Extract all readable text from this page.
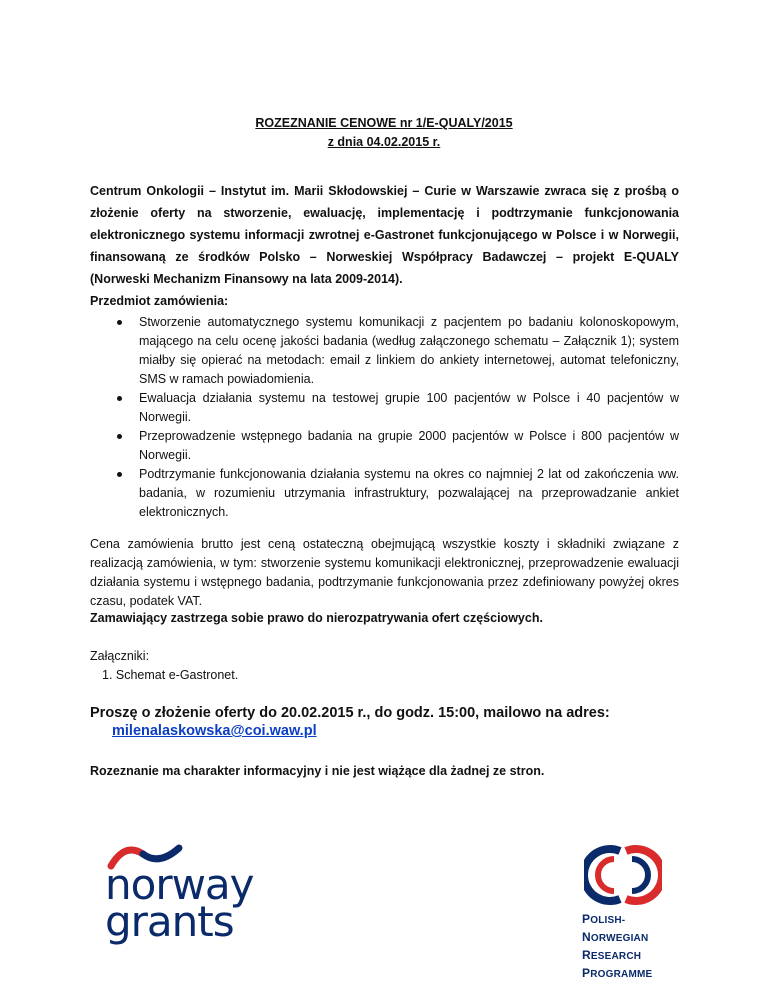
ROZEZNANIE CENOWE nr 1/E-QUALY/2015
z dnia 04.02.2015 r.

Centrum Onkologii – Instytut im. Marii Skłodowskiej – Curie w Warszawie zwraca się z prośbą o złożenie oferty na stworzenie, ewaluację, implementację i podtrzymanie funkcjonowania elektronicznego systemu informacji zwrotnej e-Gastronet funkcjonującego w Polsce i w Norwegii, finansowaną ze środków Polsko – Norweskiej Współpracy Badawczej – projekt E-QUALY (Norweski Mechanizm Finansowy na lata 2009-2014).

Przedmiot zamówienia:
Stworzenie automatycznego systemu komunikacji z pacjentem po badaniu kolonoskopowym, mającego na celu ocenę jakości badania (według załączonego schematu – Załącznik 1); system miałby się opierać na metodach: email z linkiem do ankiety internetowej, automat telefoniczny, SMS w ramach powiadomienia.
Ewaluacja działania systemu na testowej grupie 100 pacjentów w Polsce i 40 pacjentów w Norwegii.
Przeprowadzenie wstępnego badania na grupie 2000 pacjentów w Polsce i 800 pacjentów w Norwegii.
Podtrzymanie funkcjonowania działania systemu na okres co najmniej 2 lat od zakończenia ww. badania, w rozumieniu utrzymania infrastruktury, pozwalającej na przeprowadzanie ankiet elektronicznych.

Cena zamówienia brutto jest ceną ostateczną obejmującą wszystkie koszty i składniki związane z realizacją zamówienia, w tym: stworzenie systemu komunikacji elektronicznej, przeprowadzenie ewaluacji działania systemu i wstępnego badania, podtrzymanie funkcjonowania przez zdefiniowany powyżej okres czasu, podatek VAT.

Zamawiający zastrzega sobie prawo do nierozpatrywania ofert częściowych.
Załączniki:
1. Schemat e-Gastronet.

Proszę o złożenie oferty do 20.02.2015 r., do godz. 15:00, mailowo na adres:

milenalaskowska@coi.waw.pl
Rozeznanie ma charakter informacyjny i nie jest wiążące dla żadnej ze stron.
norway
grants	POLISH-NORWEGIAN
RESEARCH
PROGRAMME
